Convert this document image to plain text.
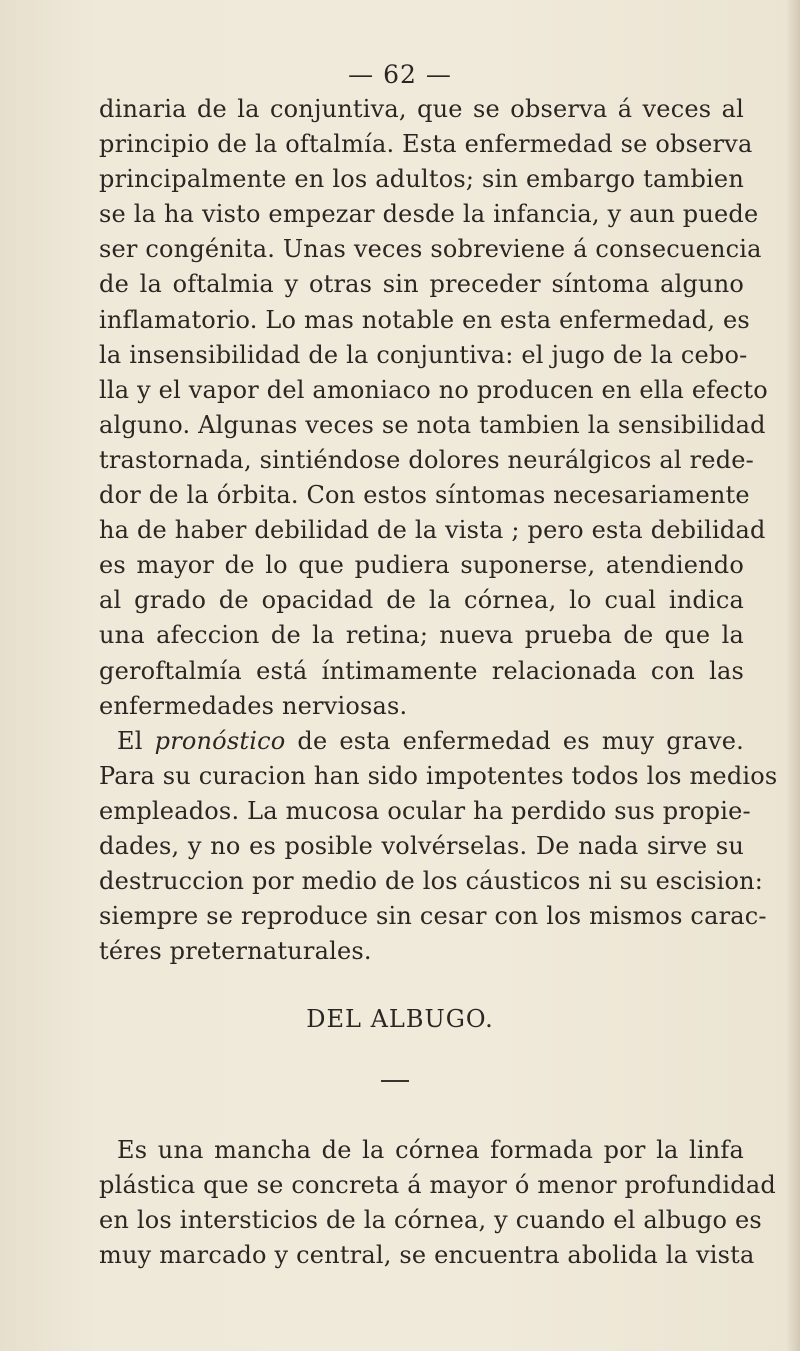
— 62 —
dinaria de la conjuntiva, que se observa á veces al
principio de la oftalmía. Esta enfermedad se observa
principalmente en los adultos; sin embargo tambien
se la ha visto empezar desde la infancia, y aun puede
ser congénita. Unas veces sobreviene á consecuencia
de la oftalmia y otras sin preceder síntoma alguno
inflamatorio. Lo mas notable en esta enfermedad, es
la insensibilidad de la conjuntiva: el jugo de la cebo-
lla y el vapor del amoniaco no producen en ella efecto
alguno. Algunas veces se nota tambien la sensibilidad
trastornada, sintiéndose dolores neurálgicos al rede-
dor de la órbita. Con estos síntomas necesariamente
ha de haber debilidad de la vista ; pero esta debilidad
es mayor de lo que pudiera suponerse, atendiendo
al grado de opacidad de la córnea, lo cual indica
una afeccion de la retina; nueva prueba de que la
geroftalmía está íntimamente relacionada con las
enfermedades nerviosas.
El pronóstico de esta enfermedad es muy grave.
Para su curacion han sido impotentes todos los medios
empleados. La mucosa ocular ha perdido sus propie-
dades, y no es posible volvérselas. De nada sirve su
destruccion por medio de los cáusticos ni su escision:
siempre se reproduce sin cesar con los mismos carac-
téres preternaturales.
DEL ALBUGO.
Es una mancha de la córnea formada por la linfa
plástica que se concreta á mayor ó menor profundidad
en los intersticios de la córnea, y cuando el albugo es
muy marcado y central, se encuentra abolida la vista
